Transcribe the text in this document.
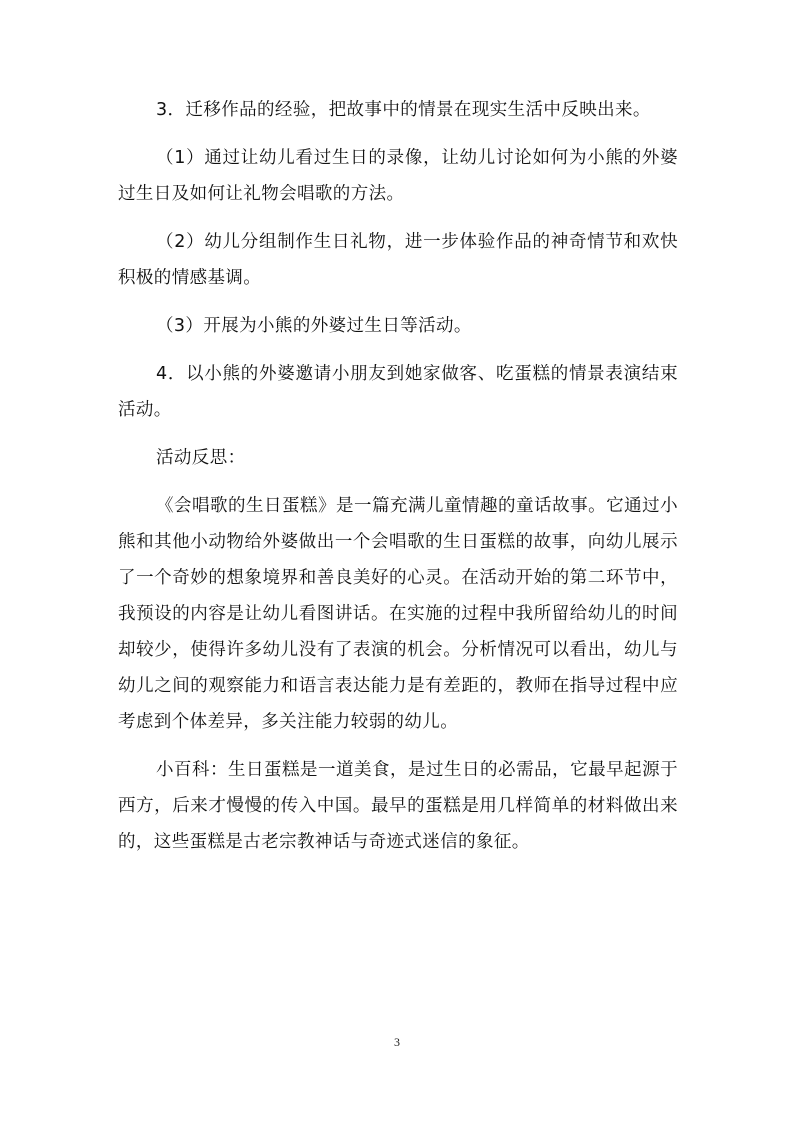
3．迁移作品的经验，把故事中的情景在现实生活中反映出来。

（1）通过让幼儿看过生日的录像，让幼儿讨论如何为小熊的外婆过生日及如何让礼物会唱歌的方法。

（2）幼儿分组制作生日礼物，进一步体验作品的神奇情节和欢快积极的情感基调。

（3）开展为小熊的外婆过生日等活动。

4．以小熊的外婆邀请小朋友到她家做客、吃蛋糕的情景表演结束活动。

活动反思：

《会唱歌的生日蛋糕》是一篇充满儿童情趣的童话故事。它通过小熊和其他小动物给外婆做出一个会唱歌的生日蛋糕的故事，向幼儿展示了一个奇妙的想象境界和善良美好的心灵。在活动开始的第二环节中，我预设的内容是让幼儿看图讲话。在实施的过程中我所留给幼儿的时间却较少，使得许多幼儿没有了表演的机会。分析情况可以看出，幼儿与幼儿之间的观察能力和语言表达能力是有差距的，教师在指导过程中应考虑到个体差异，多关注能力较弱的幼儿。

小百科：生日蛋糕是一道美食，是过生日的必需品，它最早起源于西方，后来才慢慢的传入中国。最早的蛋糕是用几样简单的材料做出来的，这些蛋糕是古老宗教神话与奇迹式迷信的象征。

3
